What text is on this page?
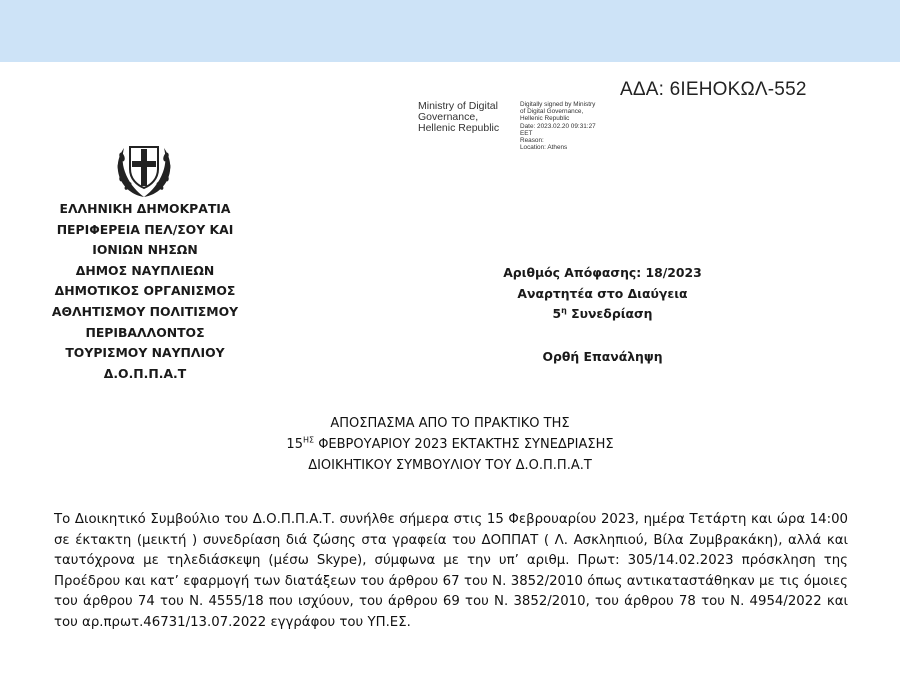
ΑΔΑ: 6ΙΕΗΟΚΩΛ-552
Ministry of Digital
Governance,
Hellenic Republic
Digitally signed by Ministry
of Digital Governance,
Hellenic Republic
Date: 2023.02.20 09:31:27
EET
Reason:
Location: Athens
ΕΛΛΗΝΙΚΗ ΔΗΜΟΚΡΑΤΙΑ
ΠΕΡΙΦΕΡΕΙΑ ΠΕΛ/ΣΟΥ ΚΑΙ
ΙΟΝΙΩΝ ΝΗΣΩΝ
ΔΗΜΟΣ ΝΑΥΠΛΙΕΩΝ
ΔΗΜΟΤΙΚΟΣ ΟΡΓΑΝΙΣΜΟΣ
ΑΘΛΗΤΙΣΜΟΥ ΠΟΛΙΤΙΣΜΟΥ
ΠΕΡΙΒΑΛΛΟΝΤΟΣ
ΤΟΥΡΙΣΜΟΥ ΝΑΥΠΛΙΟΥ
Δ.Ο.Π.Π.Α.Τ
Αριθμός Απόφασης: 18/2023
Αναρτητέα στο Διαύγεια
$5^\eta$ Συνεδρίαση
Ορθή Επανάληψη
ΑΠΟΣΠΑΣΜΑ ΑΠΟ ΤΟ ΠΡΑΚΤΙΚΟ ΤΗΣ
$15^{H\Sigma}$ ΦΕΒΡΟΥΑΡΙΟΥ 2023 ΕΚΤΑΚΤΗΣ ΣΥΝΕΔΡΙΑΣΗΣ
ΔΙΟΙΚΗΤΙΚΟΥ ΣΥΜΒΟΥΛΙΟΥ ΤΟΥ Δ.Ο.Π.Π.Α.Τ
Το Διοικητικό Συμβούλιο του Δ.Ο.Π.Π.Α.Τ. συνήλθε σήμερα στις 15 Φεβρουαρίου 2023, ημέρα Τετάρτη και ώρα 14:00 σε έκτακτη (μεικτή ) συνεδρίαση διά ζώσης στα γραφεία του ΔΟΠΠΑΤ ( Λ. Ασκληπιού, Βίλα Ζυμβρακάκη), αλλά και ταυτόχρονα με τηλεδιάσκεψη (μέσω Skype), σύμφωνα με την υπ’ αριθμ. Πρωτ: 305/14.02.2023 πρόσκληση της Προέδρου και κατ’ εφαρμογή των διατάξεων του άρθρου 67 του Ν. 3852/2010 όπως αντικαταστάθηκαν με τις όμοιες του άρθρου 74 του Ν. 4555/18 που ισχύουν, του άρθρου 69 του Ν. 3852/2010, του άρθρου 78 του Ν. 4954/2022 και του αρ.πρωτ.46731/13.07.2022 εγγράφου του ΥΠ.ΕΣ.
